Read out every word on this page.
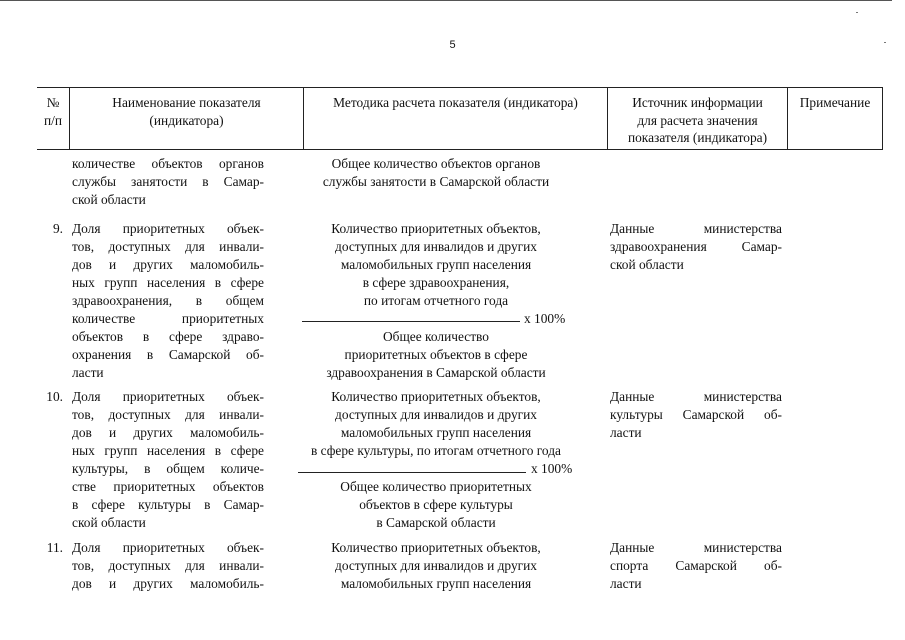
5
№
п/п
Наименование показателя
(индикатора)
Методика расчета показателя (индикатора)	Источник информации
для расчета значения
показателя (индикатора)
Примечание
количестве объектов органов
службы занятости в Самар-
ской области
Общее количество объектов органов
службы занятости в Самарской области
9. Доля приоритетных объек-
тов, доступных для инвали-
дов и других маломобиль-
ных групп населения в сфере
здравоохранения, в общем
количестве приоритетных
объектов в сфере здраво-
охранения в Самарской об-
ласти
Количество приоритетных объектов,
доступных для инвалидов и других
маломобильных групп населения
в сфере здравоохранения,
по итогам отчетного года
х 100%
Общее количество
приоритетных объектов в сфере
здравоохранения в Самарской области
Данные министерства
здравоохранения Самар-
ской области
10. Доля приоритетных объек-
тов, доступных для инвали-
дов и других маломобиль-
ных групп населения в сфере
культуры, в общем количе-
стве приоритетных объектов
в сфере культуры в Самар-
ской области
Количество приоритетных объектов,
доступных для инвалидов и других
маломобильных групп населения
в сфере культуры, по итогам отчетного года
х 100%
Общее количество приоритетных
объектов в сфере культуры
в Самарской области
Данные министерства
культуры Самарской об-
ласти
11. Доля приоритетных объек-
тов, доступных для инвали-
дов и других маломобиль-
Количество приоритетных объектов,
доступных для инвалидов и других
маломобильных групп населения
Данные министерства
спорта Самарской об-
ласти
